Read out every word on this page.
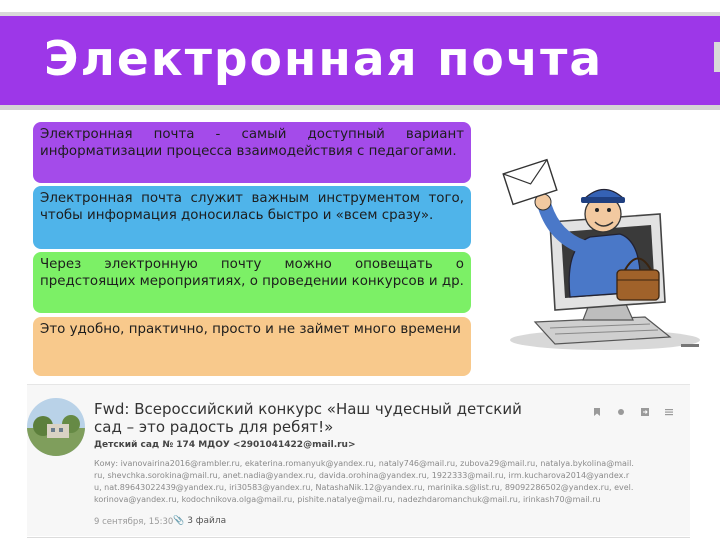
Электронная почта
Электронная почта - самый доступный вариант информатизации процесса взаимодействия с педагогами.
Электронная почта служит важным инструментом того, чтобы информация доносилась быстро и «всем сразу».
Через электронную почту можно оповещать о предстоящих мероприятиях, о проведении конкурсов и др.
Это удобно, практично, просто и не займет много времени
Fwd: Всероссийский конкурс «Наш чудесный детский сад – это радость для ребят!»
Детский сад № 174 МДОУ <2901041422@mail.ru>
Кому: ivanovairina2016@rambler.ru, ekaterina.romanyuk@yandex.ru, nataly746@mail.ru, zubova29@mail.ru, natalya.bykolina@mail.ru, shevchka.sorokina@mail.ru, anet.nadia@yandex.ru, davida.orohina@yandex.ru, 1922333@mail.ru, irm.kucharova2014@yandex.ru, nat.89643022439@yandex.ru, iri30583@yandex.ru, NatashaNik.12@yandex.ru, marinika.s@list.ru, 89092286502@yandex.ru, evel.korinova@yandex.ru, kodochnikova.olga@mail.ru, pishite.natalye@mail.ru, nadezhdaromanchuk@mail.ru, irinkash70@mail.ru
9 сентября, 15:30 📎 3 файла
